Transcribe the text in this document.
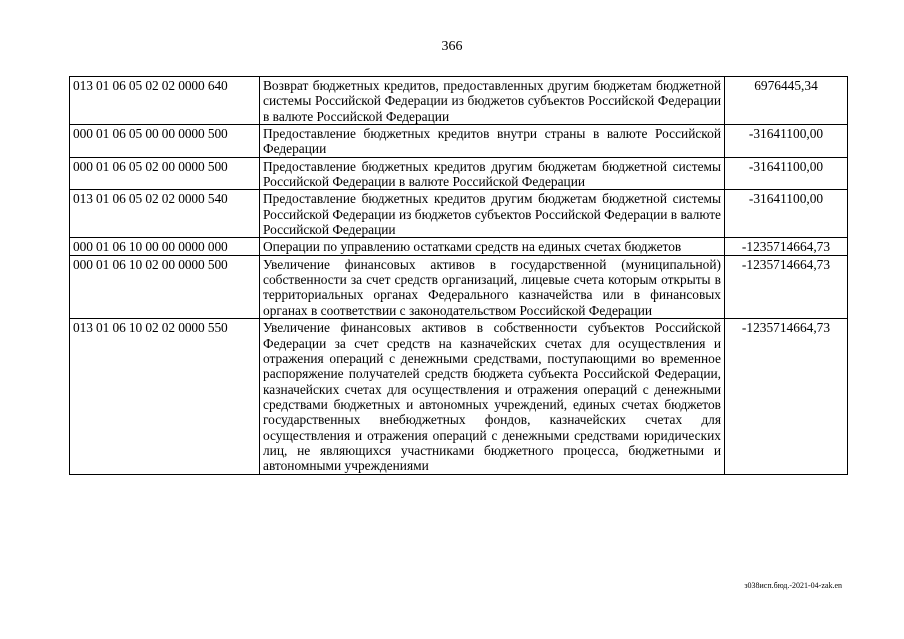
366
013 01 06 05 02 02 0000 640	Возврат бюджетных кредитов, предоставленных другим бюджетам бюджетной системы Российской Федерации из бюджетов субъектов Российской Федерации в валюте Российской Федерации	6976445,34
000 01 06 05 00 00 0000 500	Предоставление бюджетных кредитов внутри страны в валюте Российской Федерации	-31641100,00
000 01 06 05 02 00 0000 500	Предоставление бюджетных кредитов другим бюджетам бюджетной системы Российской Федерации в валюте Российской Федерации	-31641100,00
013 01 06 05 02 02 0000 540	Предоставление бюджетных кредитов другим бюджетам бюджетной системы Российской Федерации из бюджетов субъектов Российской Федерации в валюте Российской Федерации	-31641100,00
000 01 06 10 00 00 0000 000	Операции по управлению остатками средств на единых счетах бюджетов	-1235714664,73
000 01 06 10 02 00 0000 500	Увеличение финансовых активов в государственной (муниципальной) собственности за счет средств организаций, лицевые счета которым открыты в территориальных органах Федерального казначейства или в финансовых органах в соответствии с законодательством Российской Федерации	-1235714664,73
013 01 06 10 02 02 0000 550	Увеличение финансовых активов в собственности субъектов Российской Федерации за счет средств на казначейских счетах для осуществления и отражения операций с денежными средствами, поступающими во временное распоряжение получателей средств бюджета субъекта Российской Федерации, казначейских счетах для осуществления и отражения операций с денежными средствами бюджетных и автономных учреждений, единых счетах бюджетов государственных внебюджетных фондов, казначейских счетах для осуществления и отражения операций с денежными средствами юридических лиц, не являющихся участниками бюджетного процесса, бюджетными и автономными учреждениями	-1235714664,73
з038исп.бюд.-2021-04-zak.en
